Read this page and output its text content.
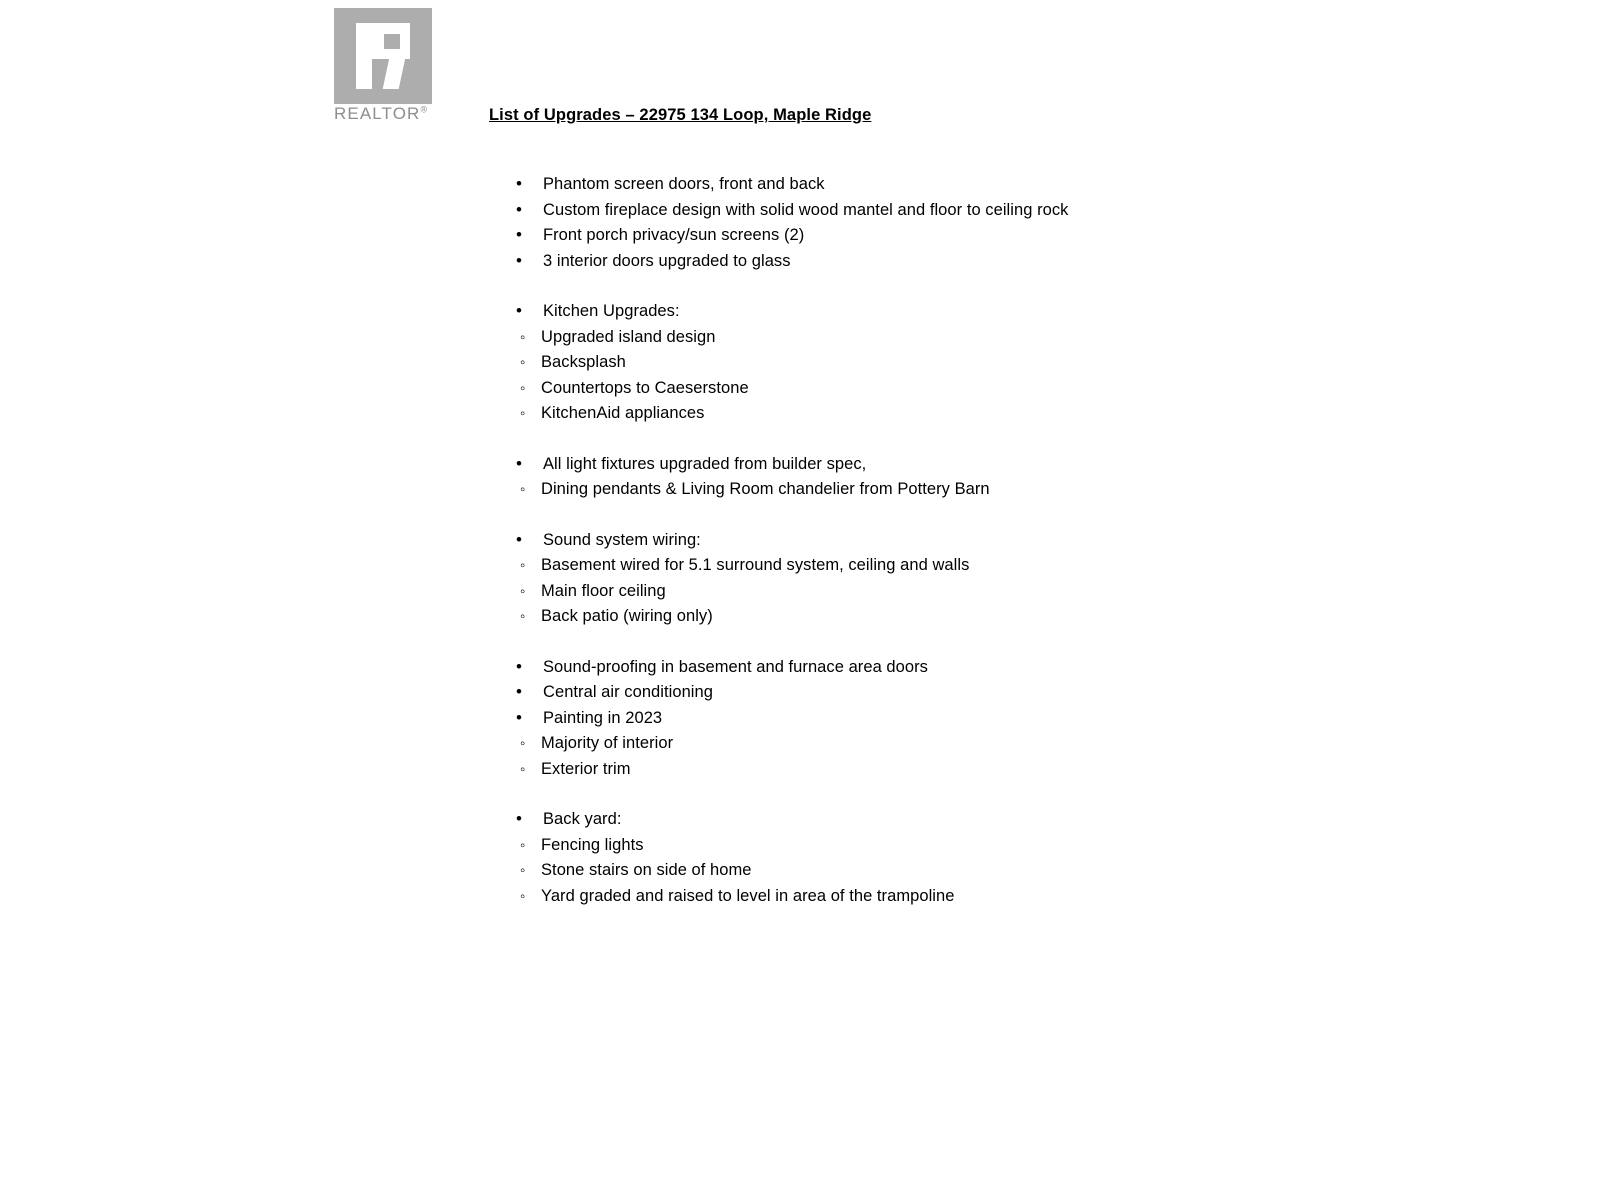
REALTOR®	List of Upgrades – 22975 134 Loop, Maple Ridge
• Phantom screen doors, front and back
• Custom fireplace design with solid wood mantel and floor to ceiling rock
• Front porch privacy/sun screens (2)
• 3 interior doors upgraded to glass
• Kitchen Upgrades:
◦ Upgraded island design
◦ Backsplash
◦ Countertops to Caeserstone
◦ KitchenAid appliances
• All light fixtures upgraded from builder spec,
◦ Dining pendants & Living Room chandelier from Pottery Barn
• Sound system wiring:
◦ Basement wired for 5.1 surround system, ceiling and walls
◦ Main floor ceiling
◦ Back patio (wiring only)
• Sound-proofing in basement and furnace area doors
• Central air conditioning
• Painting in 2023
◦ Majority of interior
◦ Exterior trim
• Back yard:
◦ Fencing lights
◦ Stone stairs on side of home
◦ Yard graded and raised to level in area of the trampoline
